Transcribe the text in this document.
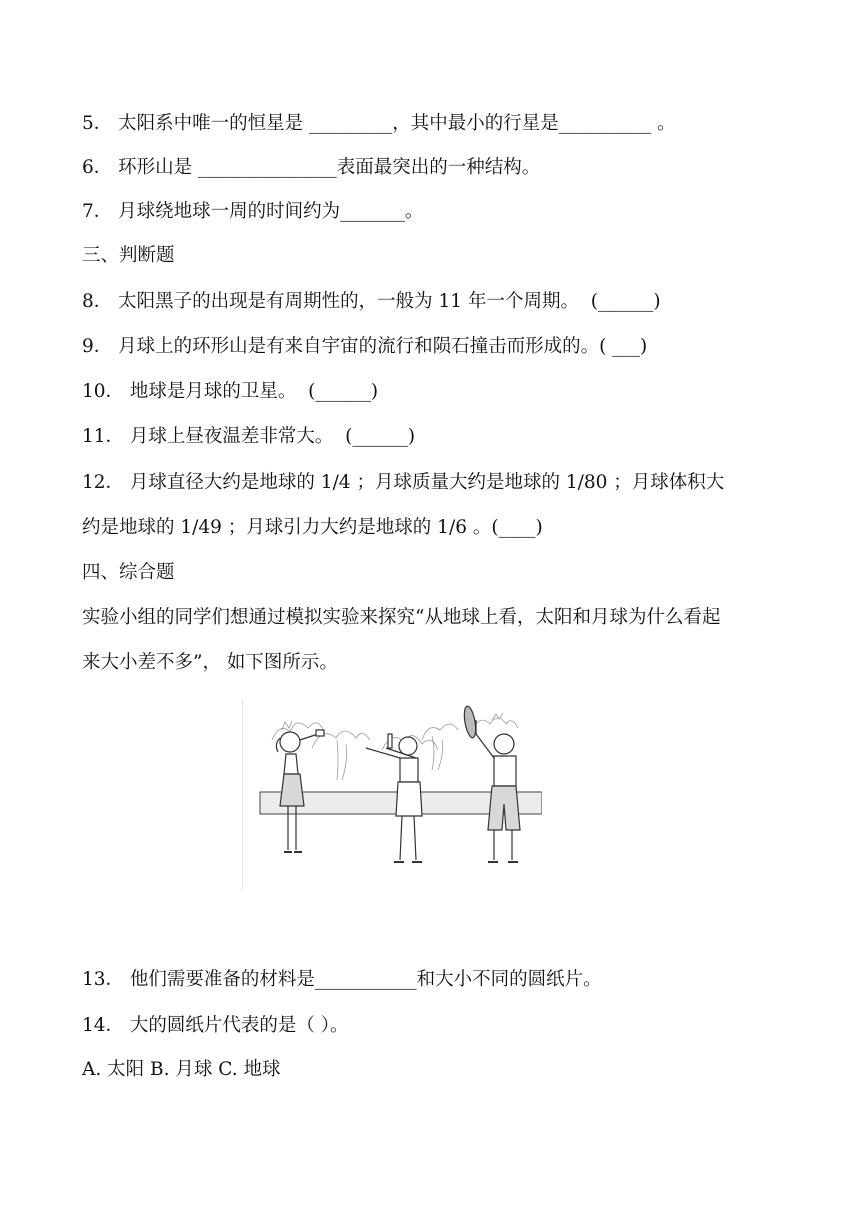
5． 太阳系中唯一的恒星是 _________，其中最小的行星是__________ 。

6． 环形山是 _______________表面最突出的一种结构。

7． 月球绕地球一周的时间约为_______。

三、判断题

8． 太阳黑子的出现是有周期性的，一般为 11 年一个周期。  (______)

9． 月球上的环形山是有来自宇宙的流行和陨石撞击而形成的。( ___)

10． 地球是月球的卫星。  (______)

11． 月球上昼夜温差非常大。  (______)

12． 月球直径大约是地球的 1/4 ；月球质量大约是地球的 1/80 ；月球体积大

约是地球的 1/49 ；月球引力大约是地球的 1/6 。(____)

四、综合题

实验小组的同学们想通过模拟实验来探究“从地球上看，太阳和月球为什么看起

来大小差不多”， 如下图所示。

13． 他们需要准备的材料是___________和大小不同的圆纸片。

14． 大的圆纸片代表的是（ ）。

A. 太阳 B. 月球 C. 地球
